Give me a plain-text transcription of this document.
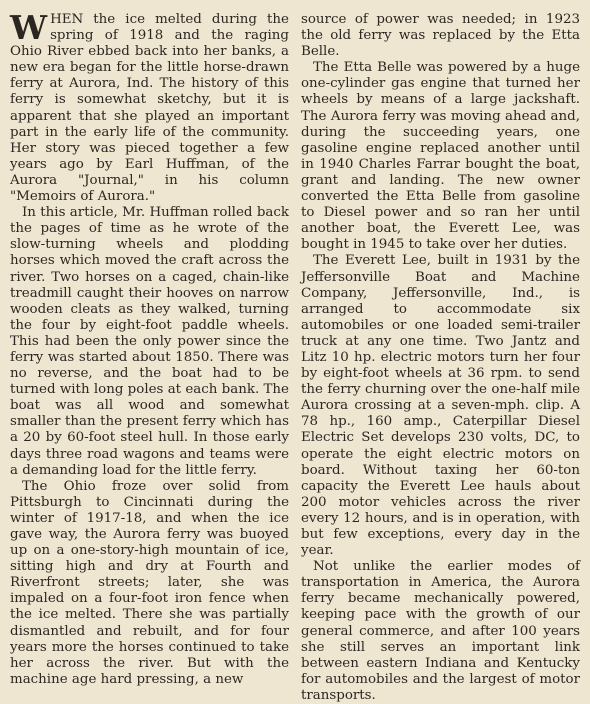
WHEN the ice melted during the spring of 1918 and the raging Ohio River ebbed back into her banks, a new era began for the little horse-drawn ferry at Aurora, Ind. The history of this ferry is somewhat sketchy, but it is apparent that she played an important part in the early life of the community. Her story was pieced together a few years ago by Earl Huffman, of the Aurora "Journal," in his column "Memoirs of Aurora."

In this article, Mr. Huffman rolled back the pages of time as he wrote of the slow-turning wheels and plodding horses which moved the craft across the river. Two horses on a caged, chain-like treadmill caught their hooves on narrow wooden cleats as they walked, turning the four by eight-foot paddle wheels. This had been the only power since the ferry was started about 1850. There was no reverse, and the boat had to be turned with long poles at each bank. The boat was all wood and somewhat smaller than the present ferry which has a 20 by 60-foot steel hull. In those early days three road wagons and teams were a demanding load for the little ferry.

The Ohio froze over solid from Pittsburgh to Cincinnati during the winter of 1917-18, and when the ice gave way, the Aurora ferry was buoyed up on a one-story-high mountain of ice, sitting high and dry at Fourth and Riverfront streets; later, she was impaled on a four-foot iron fence when the ice melted. There she was partially dismantled and rebuilt, and for four years more the horses continued to take her across the river. But with the machine age hard pressing, a new

source of power was needed; in 1923 the old ferry was replaced by the Etta Belle.

The Etta Belle was powered by a huge one-cylinder gas engine that turned her wheels by means of a large jackshaft. The Aurora ferry was moving ahead and, during the succeeding years, one gasoline engine replaced another until in 1940 Charles Farrar bought the boat, grant and landing. The new owner converted the Etta Belle from gasoline to Diesel power and so ran her until another boat, the Everett Lee, was bought in 1945 to take over her duties.

The Everett Lee, built in 1931 by the Jeffersonville Boat and Machine Company, Jeffersonville, Ind., is arranged to accommodate six automobiles or one loaded semi-trailer truck at any one time. Two Jantz and Litz 10 hp. electric motors turn her four by eight-foot wheels at 36 rpm. to send the ferry churning over the one-half mile Aurora crossing at a seven-mph. clip. A 78 hp., 160 amp., Caterpillar Diesel Electric Set develops 230 volts, DC, to operate the eight electric motors on board. Without taxing her 60-ton capacity the Everett Lee hauls about 200 motor vehicles across the river every 12 hours, and is in operation, with but few exceptions, every day in the year.

Not unlike the earlier modes of transportation in America, the Aurora ferry became mechanically powered, keeping pace with the growth of our general commerce, and after 100 years she still serves an important link between eastern Indiana and Kentucky for automobiles and the largest of motor transports.
